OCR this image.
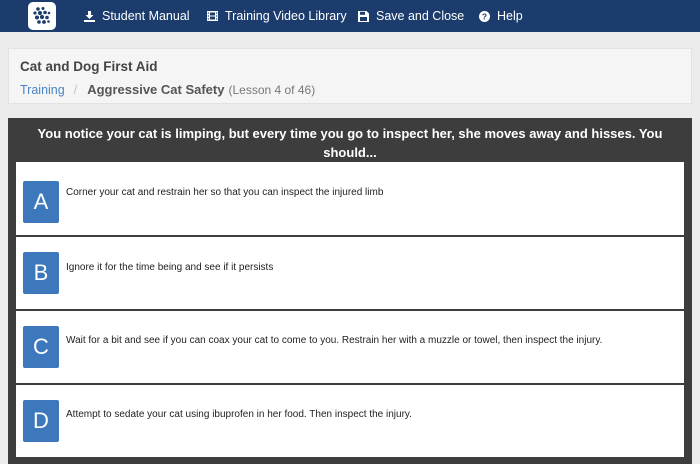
Student Manual	Training Video Library Save and Close ? Help
Cat and Dog First Aid
Training / Aggressive Cat Safety (Lesson 4 of 46)
You notice your cat is limping, but every time you go to inspect her, she moves away and hisses. You should...
A	Corner your cat and restrain her so that you can inspect the injured limb
B	Ignore it for the time being and see if it persists
C	Wait for a bit and see if you can coax your cat to come to you. Restrain her with a muzzle or towel, then inspect the injury.
D	Attempt to sedate your cat using ibuprofen in her food. Then inspect the injury.
